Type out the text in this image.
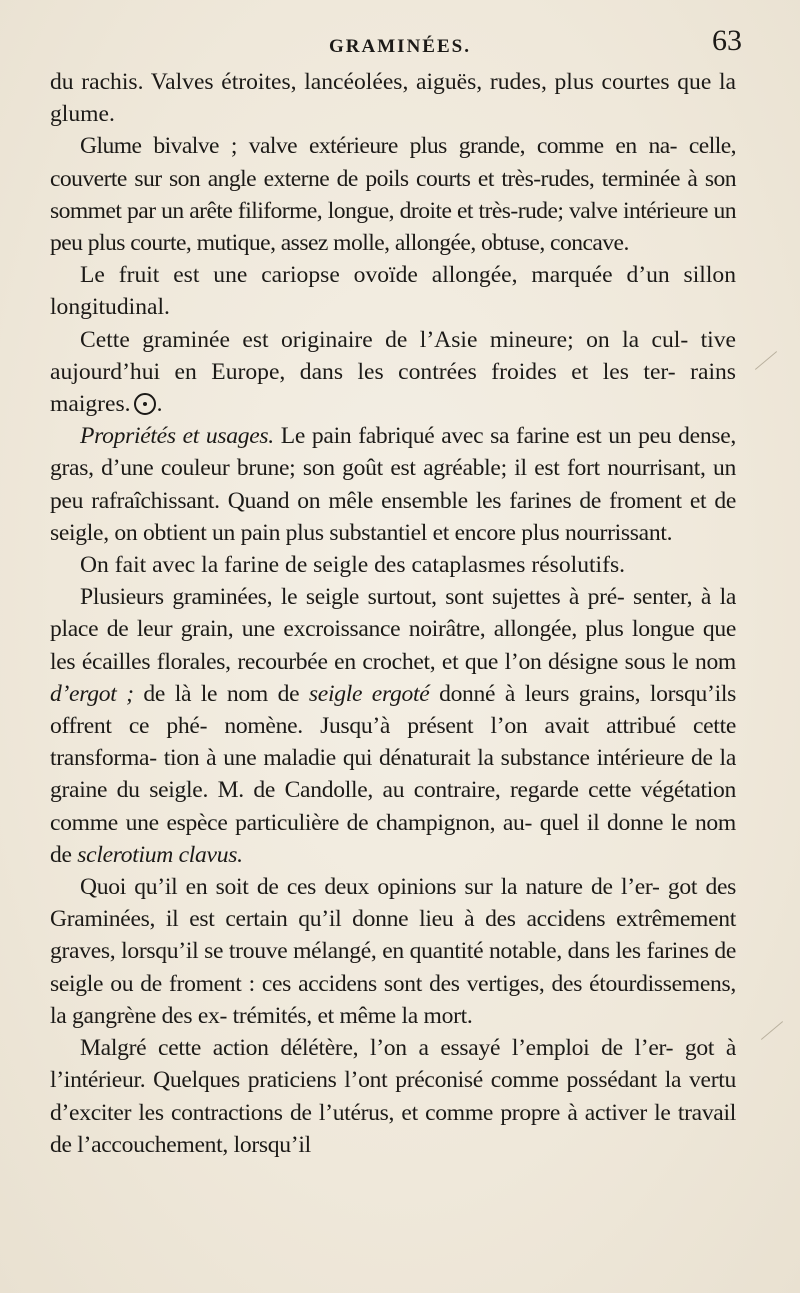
GRAMINÉES.	63

du rachis. Valves étroites, lancéolées, aiguës, rudes, plus courtes que la glume.

Glume bivalve ; valve extérieure plus grande, comme en na- celle, couverte sur son angle externe de poils courts et très-rudes, terminée à son sommet par un arête filiforme, longue, droite et très-rude; valve intérieure un peu plus courte, mutique, assez molle, allongée, obtuse, concave.

Le fruit est une cariopse ovoïde allongée, marquée d’un sillon longitudinal.

Cette graminée est originaire de l’Asie mineure; on la cul- tive aujourd’hui en Europe, dans les contrées froides et les ter- rains maigres. .

Propriétés et usages. Le pain fabriqué avec sa farine est un peu dense, gras, d’une couleur brune; son goût est agréable; il est fort nourrisant, un peu rafraîchissant. Quand on mêle ensemble les farines de froment et de seigle, on obtient un pain plus substantiel et encore plus nourrissant.

On fait avec la farine de seigle des cataplasmes résolutifs.

Plusieurs graminées, le seigle surtout, sont sujettes à pré- senter, à la place de leur grain, une excroissance noirâtre, allongée, plus longue que les écailles florales, recourbée en crochet, et que l’on désigne sous le nom d’ergot ; de là le nom de seigle ergoté donné à leurs grains, lorsqu’ils offrent ce phé- nomène. Jusqu’à présent l’on avait attribué cette transforma- tion à une maladie qui dénaturait la substance intérieure de la graine du seigle. M. de Candolle, au contraire, regarde cette végétation comme une espèce particulière de champignon, au- quel il donne le nom de sclerotium clavus.

Quoi qu’il en soit de ces deux opinions sur la nature de l’er- got des Graminées, il est certain qu’il donne lieu à des accidens extrêmement graves, lorsqu’il se trouve mélangé, en quantité notable, dans les farines de seigle ou de froment : ces accidens sont des vertiges, des étourdissemens, la gangrène des ex- trémités, et même la mort.

Malgré cette action délétère, l’on a essayé l’emploi de l’er- got à l’intérieur. Quelques praticiens l’ont préconisé comme possédant la vertu d’exciter les contractions de l’utérus, et comme propre à activer le travail de l’accouchement, lorsqu’il
